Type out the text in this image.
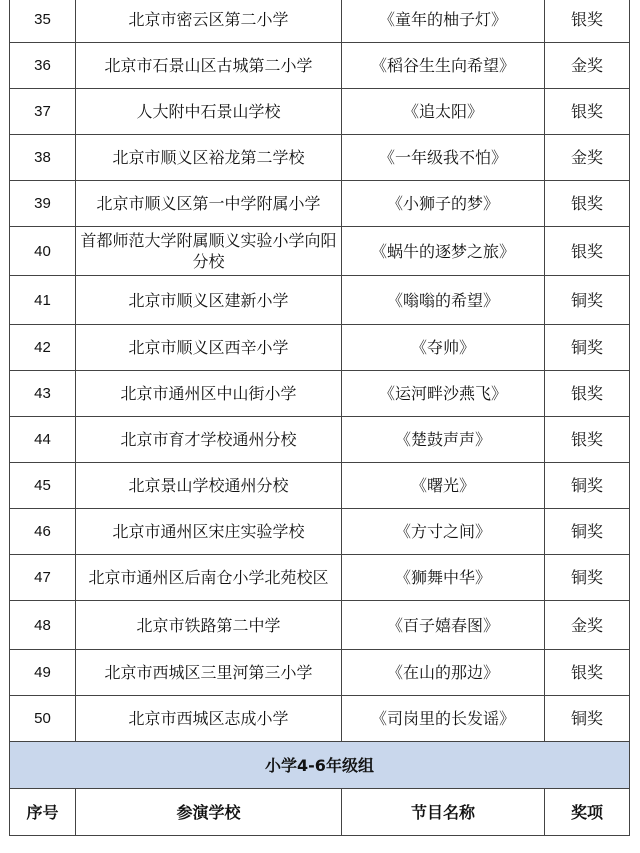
35	北京市密云区第二小学	《童年的柚子灯》	银奖
36	北京市石景山区古城第二小学	《稻谷生生向希望》	金奖
37	人大附中石景山学校	《追太阳》	银奖
38	北京市顺义区裕龙第二学校	《一年级我不怕》	金奖
39	北京市顺义区第一中学附属小学	《小狮子的梦》	银奖
40	首都师范大学附属顺义实验小学向阳分校	《蜗牛的逐梦之旅》	银奖
41	北京市顺义区建新小学	《嗡嗡的希望》	铜奖
42	北京市顺义区西辛小学	《夺帅》	铜奖
43	北京市通州区中山街小学	《运河畔沙燕飞》	银奖
44	北京市育才学校通州分校	《楚鼓声声》	银奖
45	北京景山学校通州分校	《曙光》	铜奖
46	北京市通州区宋庄实验学校	《方寸之间》	铜奖
47	北京市通州区后南仓小学北苑校区	《狮舞中华》	铜奖
48	北京市铁路第二中学	《百子嬉春图》	金奖
49	北京市西城区三里河第三小学	《在山的那边》	银奖
50	北京市西城区志成小学	《司岗里的长发谣》	铜奖
小学4-6年级组			
序号	参演学校	节目名称	奖项
